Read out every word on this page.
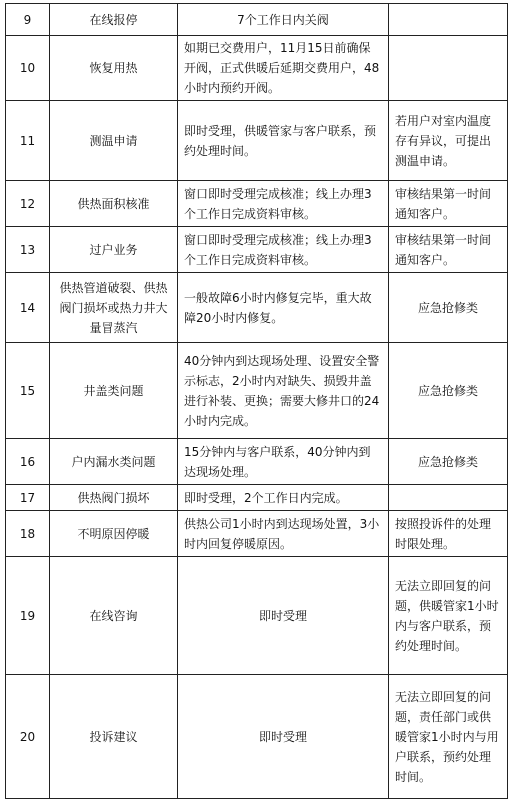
9	在线报停	7个工作日内关阀	
10	恢复用热	如期已交费用户，11月15日前确保开阀，正式供暖后延期交费用户，48小时内预约开阀。	
11	测温申请	即时受理，供暖管家与客户联系，预约处理时间。	若用户对室内温度存有异议，可提出测温申请。
12	供热面积核准	窗口即时受理完成核准；线上办理3个工作日完成资料审核。	审核结果第一时间通知客户。
13	过户业务	窗口即时受理完成核准；线上办理3个工作日完成资料审核。	审核结果第一时间通知客户。
14	供热管道破裂、供热阀门损坏或热力井大量冒蒸汽	一般故障6小时内修复完毕，重大故障20小时内修复。	应急抢修类
15	井盖类问题	40分钟内到达现场处理、设置安全警示标志，2小时内对缺失、损毁井盖进行补装、更换；需要大修井口的24小时内完成。	应急抢修类
16	户内漏水类问题	15分钟内与客户联系，40分钟内到达现场处理。	应急抢修类
17	供热阀门损坏	即时受理，2个工作日内完成。	
18	不明原因停暖	供热公司1小时内到达现场处置，3小时内回复停暖原因。	按照投诉件的处理时限处理。
19	在线咨询	即时受理	无法立即回复的问题，供暖管家1小时内与客户联系，预约处理时间。
20	投诉建议	即时受理	无法立即回复的问题，责任部门或供暖管家1小时内与用户联系，预约处理时间。
